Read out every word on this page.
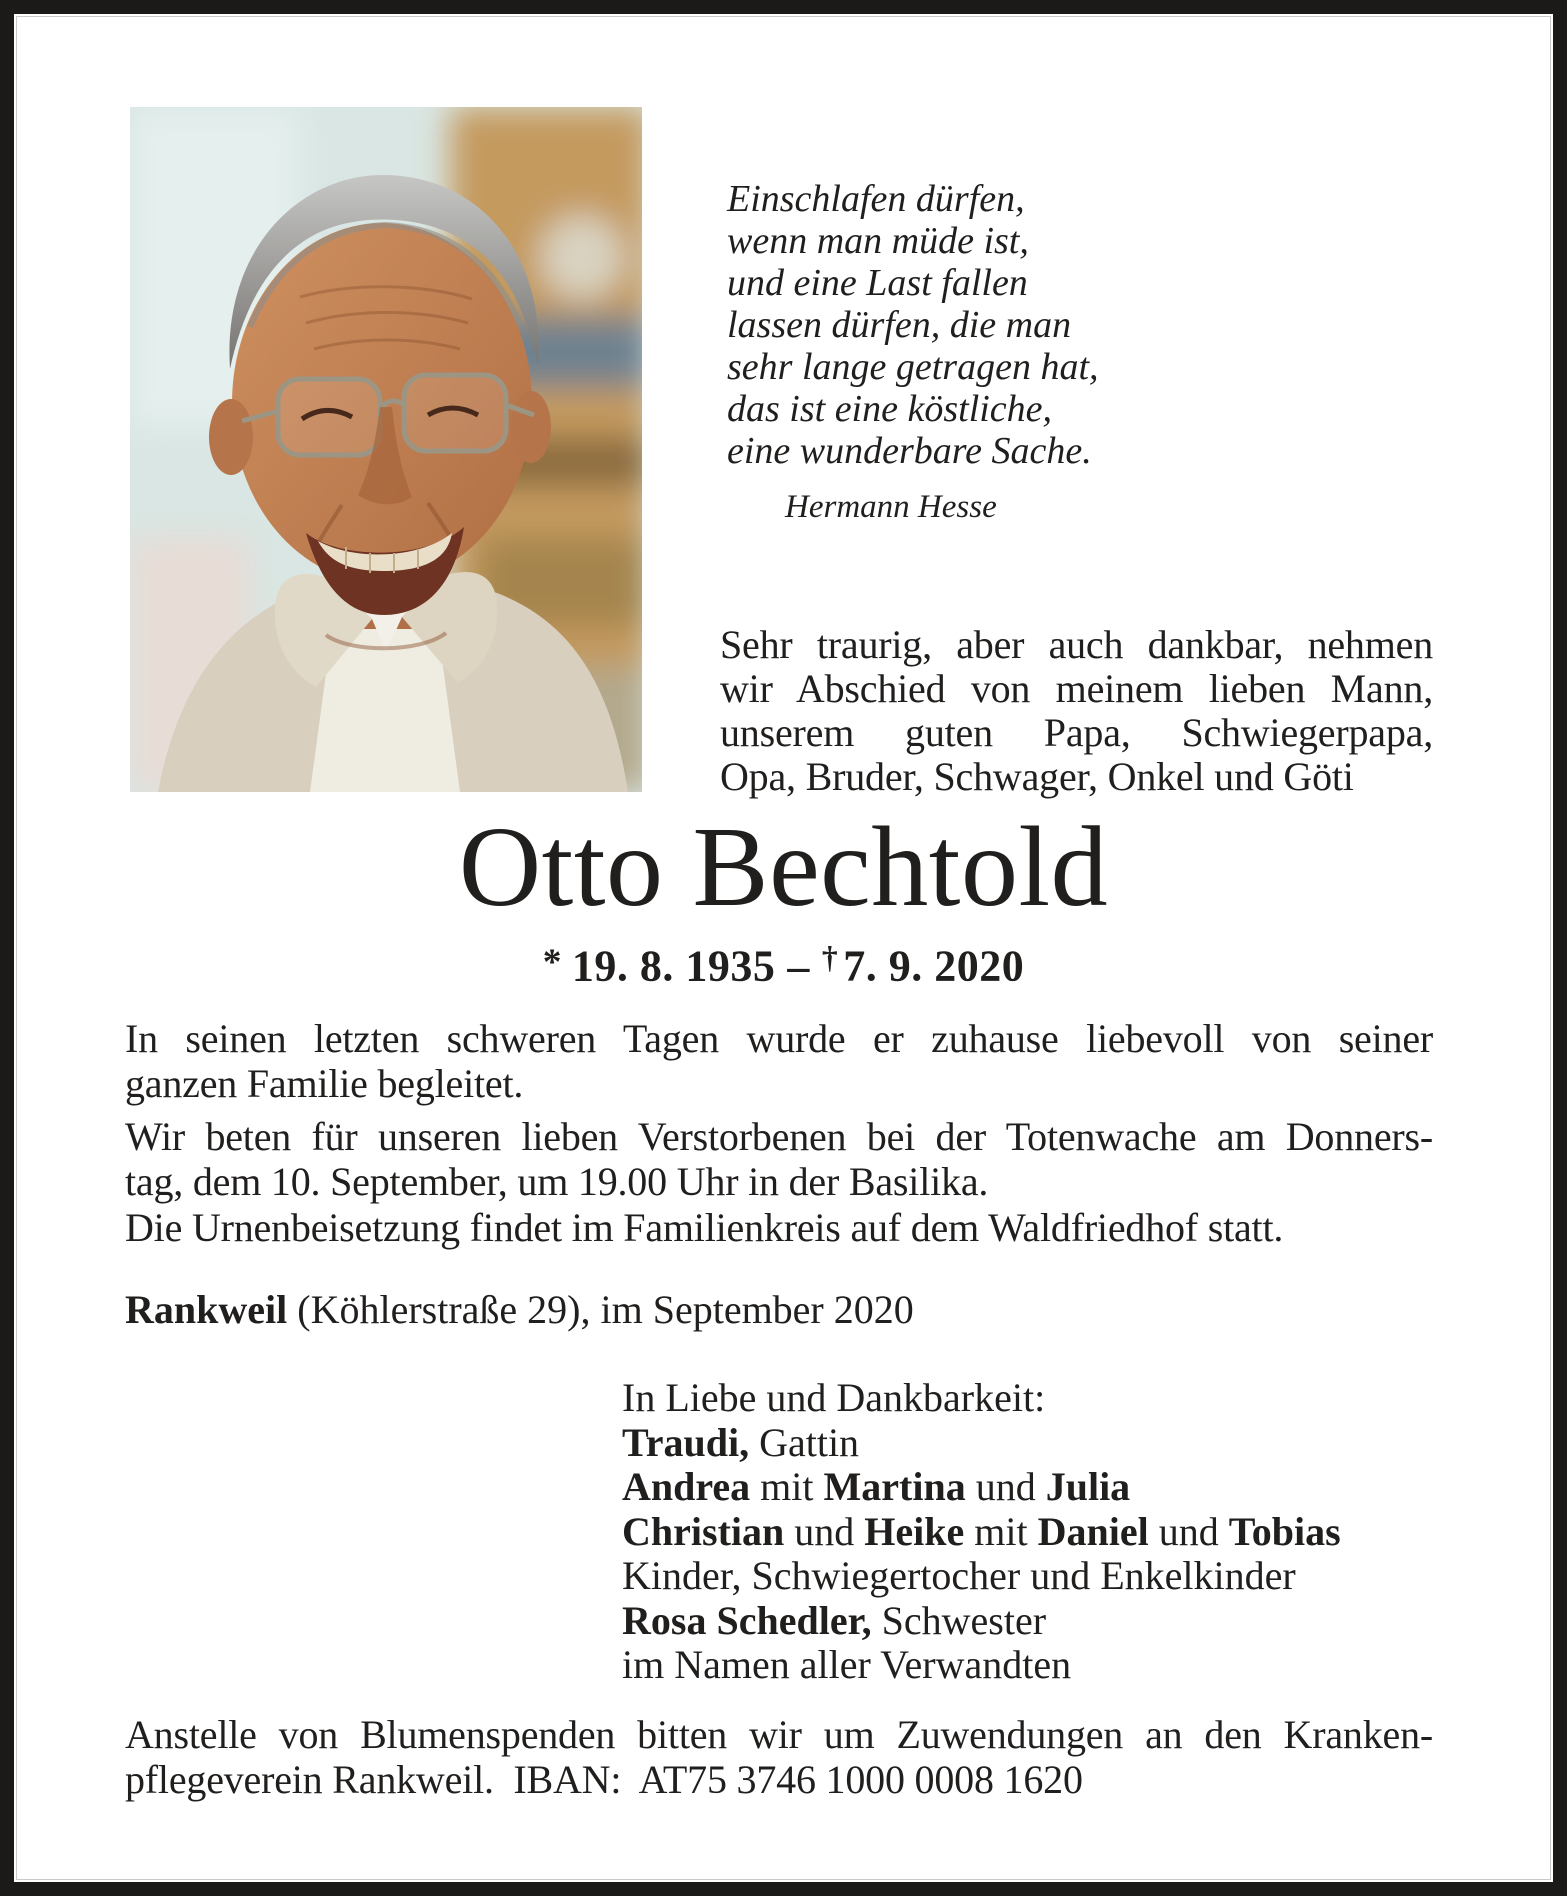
Einschlafen dürfen,
wenn man müde ist,
und eine Last fallen
lassen dürfen, die man
sehr lange getragen hat,
das ist eine köstliche,
eine wunderbare Sache.
Hermann Hesse
Sehr traurig, aber auch dankbar, nehmen
wir Abschied von meinem lieben Mann,
unserem guten Papa, Schwiegerpapa,
Opa, Bruder, Schwager, Onkel und Göti
Otto Bechtold
* 19. 8. 1935 – † 7. 9. 2020
In seinen letzten schweren Tagen wurde er zuhause liebevoll von seiner
ganzen Familie begleitet.
Wir beten für unseren lieben Verstorbenen bei der Totenwache am Donners-
tag, dem 10. September, um 19.00 Uhr in der Basilika.
Die Urnenbeisetzung findet im Familienkreis auf dem Waldfriedhof statt.
Rankweil (Köhlerstraße 29), im September 2020
In Liebe und Dankbarkeit:
Traudi, Gattin
Andrea mit Martina und Julia
Christian und Heike mit Daniel und Tobias
Kinder, Schwiegertocher und Enkelkinder
Rosa Schedler, Schwester
im Namen aller Verwandten
Anstelle von Blumenspenden bitten wir um Zuwendungen an den Kranken-
pflegeverein Rankweil.  IBAN:  AT75 3746 1000 0008 1620
